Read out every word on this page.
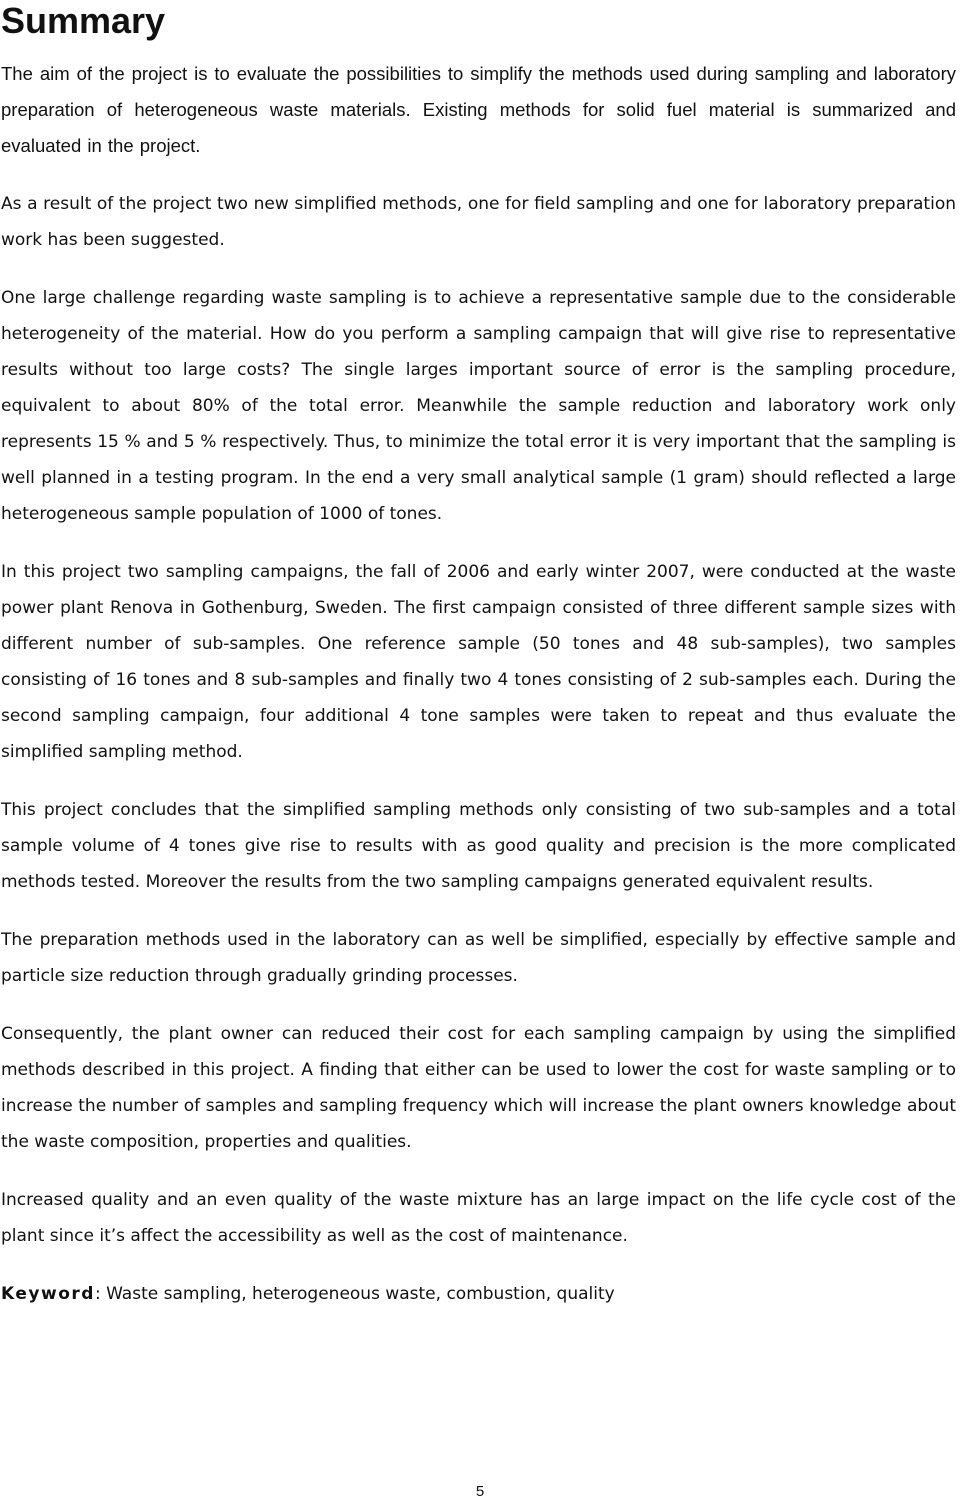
Summary

The aim of the project is to evaluate the possibilities to simplify the methods used during sampling and laboratory preparation of heterogeneous waste materials. Existing methods for solid fuel material is summarized and evaluated in the project.

As a result of the project two new simplified methods, one for field sampling and one for laboratory preparation work has been suggested.

One large challenge regarding waste sampling is to achieve a representative sample due to the considerable heterogeneity of the material. How do you perform a sampling campaign that will give rise to representative results without too large costs? The single larges important source of error is the sampling procedure, equivalent to about 80% of the total error. Meanwhile the sample reduction and laboratory work only represents 15 % and 5 % respectively. Thus, to minimize the total error it is very important that the sampling is well planned in a testing program. In the end a very small analytical sample (1 gram) should reflected a large heterogeneous sample population of 1000 of tones.

In this project two sampling campaigns, the fall of 2006 and early winter 2007, were conducted at the waste power plant Renova in Gothenburg, Sweden. The first campaign consisted of three different sample sizes with different number of sub-samples. One reference sample (50 tones and 48 sub-samples), two samples consisting of 16 tones and 8 sub-samples and finally two 4 tones consisting of 2 sub-samples each. During the second sampling campaign, four additional 4 tone samples were taken to repeat and thus evaluate the simplified sampling method.

This project concludes that the simplified sampling methods only consisting of two sub-samples and a total sample volume of 4 tones give rise to results with as good quality and precision is the more complicated methods tested. Moreover the results from the two sampling campaigns generated equivalent results.

The preparation methods used in the laboratory can as well be simplified, especially by effective sample and particle size reduction through gradually grinding processes.

Consequently, the plant owner can reduced their cost for each sampling campaign by using the simplified methods described in this project. A finding that either can be used to lower the cost for waste sampling or to increase the number of samples and sampling frequency which will increase the plant owners knowledge about the waste composition, properties and qualities.

Increased quality and an even quality of the waste mixture has an large impact on the life cycle cost of the plant since it’s affect the accessibility as well as the cost of maintenance.

Keyword: Waste sampling, heterogeneous waste, combustion, quality

5
